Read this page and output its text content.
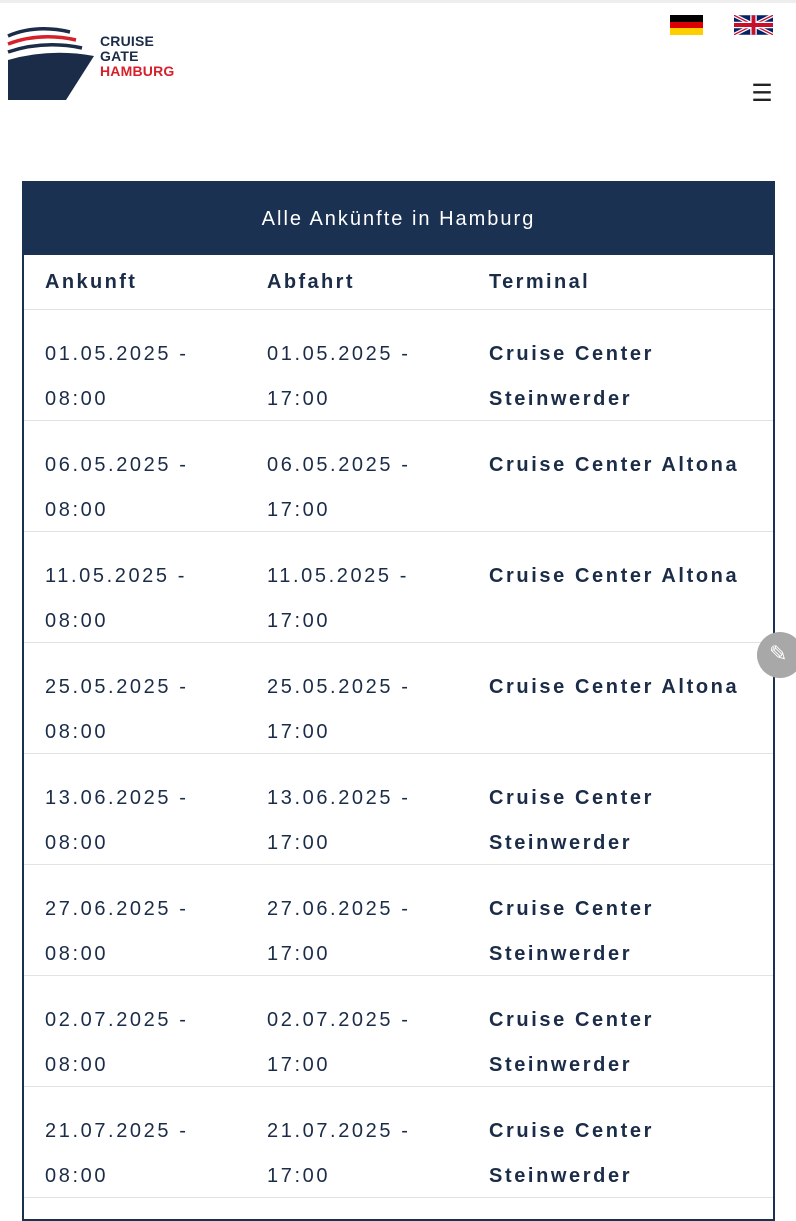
CRUISE
GATE
HAMBURG
☰
Alle Ankünfte in Hamburg
Ankunft	Abfahrt	Terminal
01.05.2025 - 08:00
01.05.2025 - 17:00
Cruise Center Steinwerder
06.05.2025 - 08:00
06.05.2025 - 17:00
Cruise Center Altona
11.05.2025 - 08:00
11.05.2025 - 17:00
Cruise Center Altona
25.05.2025 - 08:00
25.05.2025 - 17:00
Cruise Center Altona
13.06.2025 - 08:00
13.06.2025 - 17:00
Cruise Center Steinwerder
27.06.2025 - 08:00
27.06.2025 - 17:00
Cruise Center Steinwerder
02.07.2025 - 08:00
02.07.2025 - 17:00
Cruise Center Steinwerder
21.07.2025 - 08:00
21.07.2025 - 17:00
Cruise Center Steinwerder
✎
